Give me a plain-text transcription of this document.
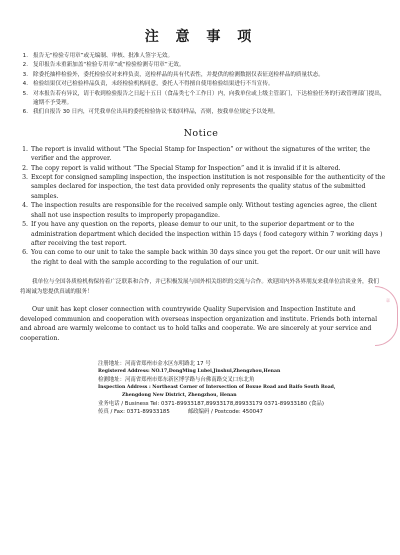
注 意 事 项
1. 报告无“检验专用章”或无编制、审核、批准人签字无效。
2. 复印报告未重新加盖“检验专用章”或“检验检测专用章”无效。
3. 除委托抽样检验外，委托检验仅对来样负责，送检样品的具有代表性，并提供的检测数据仅表征送检样品的质量状态。
4. 检验结果仅对已检验样品负责，未经检验机构同意，委托人不得擅自使用检验结果进行不当宣传。
5. 对本报告若有异议，请于收到检验报告之日起十五日（食品类七个工作日）内，向我单位或上级主管部门，下达检验任务的行政管理部门提出，逾期不予受理。
6. 我们自报告 30 日内，可凭我单位出具的委托检验协议书取回样品，否则，按我单位规定予以处理。
Notice
1. The report is invalid without “The Special Stamp for Inspection” or without the signatures of the writer, the verifier and the approver.
2. The copy report is valid without “The Special Stamp for Inspection” and it is invalid if it is altered.
3. Except for consigned sampling inspection, the inspection institution is not responsible for the authenticity of the samples declared for inspection, the test data provided only represents the quality status of the submitted samples.
4. The inspection results are responsible for the received sample only. Without testing agencies agree, the client shall not use inspection results to improperly propagandize.
5. If you have any question on the reports, please demur to our unit, to the superior department or to the administration department which decided the inspection within 15 days ( food category within 7 working days ) after receiving the test report.
6. You can come to our unit to take the sample back within 30 days since you get the report. Or our unit will have the right to deal with the sample according to the regulation of our unit.

我单位与全国各质检机构保持着广泛联系和合作，并已积极发展与国外相关组织的交流与合作。欢迎国内外各界朋友来我单位洽谈业务，我们将竭诚为您提供真诚的服务！

Our unit has kept closer connection with countrywide Quality Supervision and Inspection Institute and developed communion and cooperation with overseas inspection organization and institute. Friends both internal and abroad are warmly welcome to contact us to hold talks and cooperate. We are sincerely at your service and cooperation.

注册地址：河南省郑州市金水区东明路北 17 号
Registered Address: NO.17,DongMing Lubei,Jinshui,Zhengzhou,Henan
检测地址：河南省郑州市郑东新区博学路与台佛南路交叉口东北角
Inspection Address : Northeast Corner of Intersection of Boxue Road and Baifo South Road,
Zhengdong New District, Zhengzhou, Henan
业务电话 / Business Tel: 0371-89933187,89933178,89933179 0371-89933180 (食品)
传真 / Fax: 0371-89933185	邮政编码 / Postcode: 450047
章
